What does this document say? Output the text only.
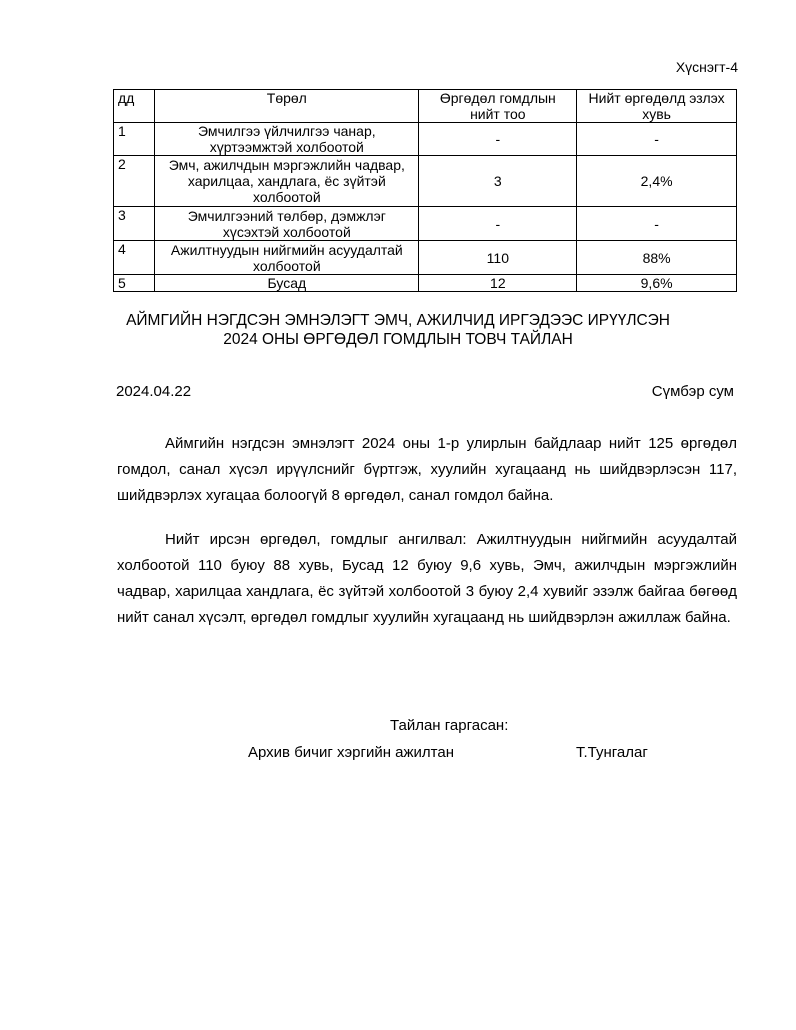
Хүснэгт-4
дд	Төрөл	Өргөдөл гомдлын нийт тоо	Нийт өргөдөлд эзлэх хувь
1	Эмчилгээ үйлчилгээ чанар, хүртээмжтэй холбоотой	-	-
2	Эмч, ажилчдын мэргэжлийн чадвар, харилцаа, хандлага, ёс зүйтэй холбоотой	3	2,4%
3	Эмчилгээний төлбөр, дэмжлэг хүсэхтэй холбоотой	-	-
4	Ажилтнуудын нийгмийн асуудалтай холбоотой	110	88%
5	Бусад	12	9,6%
АЙМГИЙН НЭГДСЭН ЭМНЭЛЭГТ ЭМЧ, АЖИЛЧИД ИРГЭДЭЭС ИРҮҮЛСЭН
2024 ОНЫ ӨРГӨДӨЛ ГОМДЛЫН ТОВЧ ТАЙЛАН
2024.04.22	Сүмбэр сум

Аймгийн нэгдсэн эмнэлэгт 2024 оны 1-р улирлын байдлаар нийт 125 өргөдөл гомдол, санал хүсэл ирүүлснийг бүртгэж, хуулийн хугацаанд нь шийдвэрлэсэн 117, шийдвэрлэх хугацаа болоогүй 8 өргөдөл, санал гомдол байна.

Нийт ирсэн өргөдөл, гомдлыг ангилвал: Ажилтнуудын нийгмийн асуудалтай холбоотой 110 буюу 88 хувь, Бусад 12 буюу 9,6 хувь, Эмч, ажилчдын мэргэжлийн чадвар, харилцаа хандлага, ёс зүйтэй холбоотой 3 буюу 2,4 хувийг эзэлж байгаа бөгөөд нийт санал хүсэлт, өргөдөл гомдлыг хуулийн хугацаанд нь шийдвэрлэн ажиллаж байна.

Тайлан гаргасан:
Архив бичиг хэргийн ажилтан	Т.Тунгалаг
